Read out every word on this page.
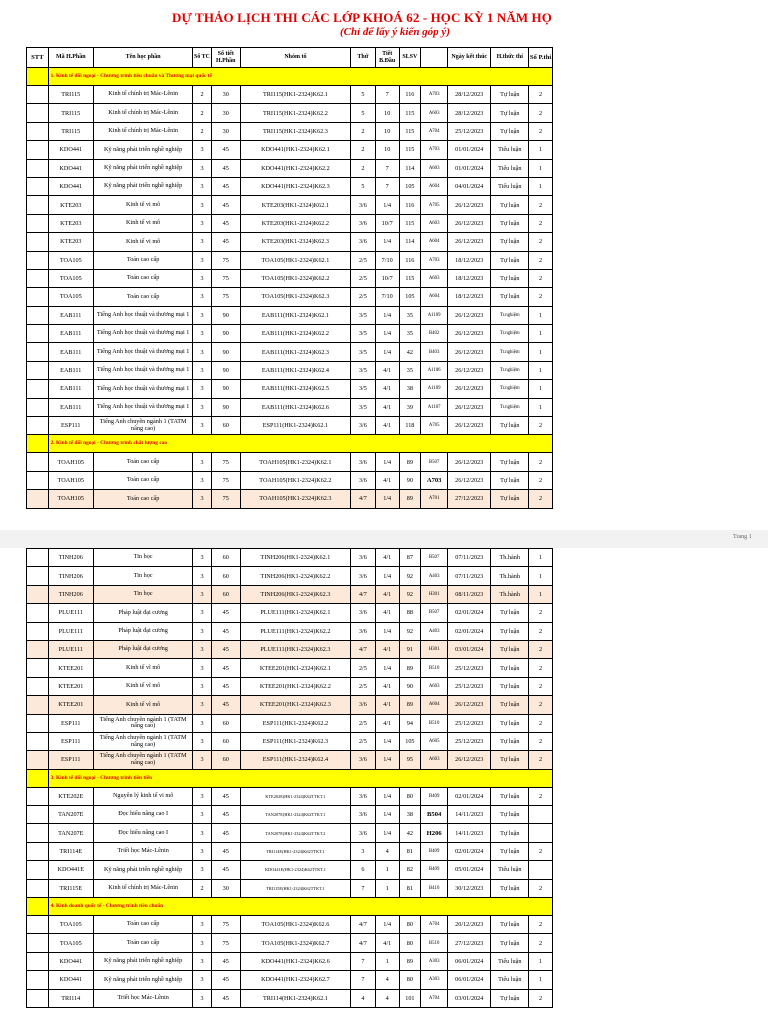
DỰ THẢO LỊCH THI CÁC LỚP KHOÁ 62 - HỌC KỲ 1 NĂM HỌ
(Chỉ để lấy ý kiến góp ý)
STT	Mã H.Phần	Tên học phần	Số TC	Số tiết H.Phần	Nhóm tổ	Thứ	Tiết B.Đầu	SLSV		Ngày kết thúc	H.thức thi	Số P.thi
	1. Kinh tế đối ngoại - Chương trình tiêu chuẩn và Thương mại quốc tế											
	TRI115	Kinh tế chính trị Mác-Lênin	2	30	TRI115(HK1-2324)K62.1	5	7	116	A703	28/12/2023	Tự luận	2
	TRI115	Kinh tế chính trị Mác-Lênin	2	30	TRI115(HK1-2324)K62.2	5	10	115	A603	28/12/2023	Tự luận	2
	TRI115	Kinh tế chính trị Mác-Lênin	2	30	TRI115(HK1-2324)K62.3	2	10	115	A704	25/12/2023	Tự luận	2
	KDO441	Kỹ năng phát triển nghề nghiệp	3	45	KDO441(HK1-2324)K62.1	2	10	115	A703	01/01/2024	Tiểu luận	1
	KDO441	Kỹ năng phát triển nghề nghiệp	3	45	KDO441(HK1-2324)K62.2	2	7	114	A603	01/01/2024	Tiểu luận	1
	KDO441	Kỹ năng phát triển nghề nghiệp	3	45	KDO441(HK1-2324)K62.3	5	7	105	A604	04/01/2024	Tiểu luận	1
	KTE203	Kinh tế vi mô	3	45	KTE203(HK1-2324)K62.1	3/6	1/4	116	A705	26/12/2023	Tự luận	2
	KTE203	Kinh tế vi mô	3	45	KTE203(HK1-2324)K62.2	3/6	10/7	115	A603	26/12/2023	Tự luận	2
	KTE203	Kinh tế vi mô	3	45	KTE203(HK1-2324)K62.3	3/6	1/4	114	A604	26/12/2023	Tự luận	2
	TOA105	Toán cao cấp	3	75	TOA105(HK1-2324)K62.1	2/5	7/10	116	A703	18/12/2023	Tự luận	2
	TOA105	Toán cao cấp	3	75	TOA105(HK1-2324)K62.2	2/5	10/7	115	A603	18/12/2023	Tự luận	2
	TOA105	Toán cao cấp	3	75	TOA105(HK1-2324)K62.3	2/5	7/10	105	A604	18/12/2023	Tự luận	2
	EAB111	Tiếng Anh học thuật và thương mại 1	3	90	EAB111(HK1-2324)K62.1	3/5	1/4	35	A1109	26/12/2023	Tr.nghiệm	1
	EAB111	Tiếng Anh học thuật và thương mại 1	3	90	EAB111(HK1-2324)K62.2	3/5	1/4	35	B402	26/12/2023	Tr.nghiệm	1
	EAB111	Tiếng Anh học thuật và thương mại 1	3	90	EAB111(HK1-2324)K62.3	3/5	1/4	42	B403	26/12/2023	Tr.nghiệm	1
	EAB111	Tiếng Anh học thuật và thương mại 1	3	90	EAB111(HK1-2324)K62.4	3/5	4/1	35	A1106	26/12/2023	Tr.nghiệm	1
	EAB111	Tiếng Anh học thuật và thương mại 1	3	90	EAB111(HK1-2324)K62.5	3/5	4/1	38	A1109	26/12/2023	Tr.nghiệm	1
	EAB111	Tiếng Anh học thuật và thương mại 1	3	90	EAB111(HK1-2324)K62.6	3/5	4/1	39	A1107	26/12/2023	Tr.nghiệm	1
	ESP111	Tiếng Anh chuyên ngành 1 (TATM nâng cao)	3	60	ESP111(HK1-2324)K62.1	3/6	4/1	118	A705	26/12/2023	Tự luận	2
	2. Kinh tế đối ngoại - Chương trình chất lượng cao											
	TOAH105	Toán cao cấp	3	75	TOAH105(HK1-2324)K62.1	3/6	1/4	89	B507	26/12/2023	Tự luận	2
	TOAH105	Toán cao cấp	3	75	TOAH105(HK1-2324)K62.2	3/6	4/1	90	A703	26/12/2023	Tự luận	2
	TOAH105	Toán cao cấp	3	75	TOAH105(HK1-2324)K62.3	4/7	1/4	89	A701	27/12/2023	Tự luận	2
Trang 1
	TINH206	Tin học	3	60	TINH206(HK1-2324)K62.1	3/6	4/1	87	B507	07/11/2023	Th.hành	1
	TINH206	Tin học	3	60	TINH206(HK1-2324)K62.2	3/6	1/4	92	A403	07/11/2023	Th.hành	1
	TINH206	Tin học	3	60	TINH206(HK1-2324)K62.3	4/7	4/1	92	H301	08/11/2023	Th.hành	1
	PLUE111	Pháp luật đại cương	3	45	PLUE111(HK1-2324)K62.1	3/6	4/1	88	B507	02/01/2024	Tự luận	2
	PLUE111	Pháp luật đại cương	3	45	PLUE111(HK1-2324)K62.2	3/6	1/4	92	A403	02/01/2024	Tự luận	2
	PLUE111	Pháp luật đại cương	3	45	PLUE111(HK1-2324)K62.3	4/7	4/1	91	H301	03/01/2024	Tự luận	2
	KTEE201	Kinh tế vĩ mô	3	45	KTEE201(HK1-2324)K62.1	2/5	1/4	89	B510	25/12/2023	Tự luận	2
	KTEE201	Kinh tế vĩ mô	3	45	KTEE201(HK1-2324)K62.2	2/5	4/1	90	A603	25/12/2023	Tự luận	2
	KTEE201	Kinh tế vĩ mô	3	45	KTEE201(HK1-2324)K62.3	3/6	4/1	89	A604	26/12/2023	Tự luận	2
	ESP111	Tiếng Anh chuyên ngành 1 (TATM nâng cao)	3	60	ESP111(HK1-2324)K62.2	2/5	4/1	94	B510	25/12/2023	Tự luận	2
	ESP111	Tiếng Anh chuyên ngành 1 (TATM nâng cao)	3	60	ESP111(HK1-2324)K62.3	2/5	1/4	105	A605	25/12/2023	Tự luận	2
	ESP111	Tiếng Anh chuyên ngành 1 (TATM nâng cao)	3	60	ESP111(HK1-2324)K62.4	3/6	1/4	95	A603	26/12/2023	Tự luận	2
	3. Kinh tế đối ngoại - Chương trình tiên tiến											
	KTE202E	Nguyên lý kinh tế vi mô	3	45	KTE202E(HK1-2324)K62TTKT.1	3/6	1/4	80	B409	02/01/2024	Tự luận	2
	TAN207E	Đọc hiểu nâng cao I	3	45	TAN207E(HK1-2324)K62TTKT.1	3/6	1/4	38	B504	14/11/2023	Tự luận	
	TAN207E	Đọc hiểu nâng cao I	3	45	TAN207E(HK1-2324)K62TTKT.2	3/6	1/4	42	H206	14/11/2023	Tự luận	
	TRI114E	Triết học Mác-Lênin	3	45	TRI114E(HK1-2324)K62TTKT.1	3	4	81	B409	02/01/2024	Tự luận	2
	KDO441E	Kỹ năng phát triển nghề nghiệp	3	45	KDO441E(HK1-2324)K62TTKT.1	6	1	82	B409	05/01/2024	Tiểu luận	
	TRI115E	Kinh tế chính trị Mác-Lênin	2	30	TRI115E(HK1-2324)K62TTKT.1	7	1	81	B410	30/12/2023	Tự luận	2
	4. Kinh doanh quốc tế - Chương trình tiêu chuẩn											
	TOA105	Toán cao cấp	3	75	TOA105(HK1-2324)K62.6	4/7	1/4	80	A704	20/12/2023	Tự luận	2
	TOA105	Toán cao cấp	3	75	TOA105(HK1-2324)K62.7	4/7	4/1	80	B510	27/12/2023	Tự luận	2
	KDO441	Kỹ năng phát triển nghề nghiệp	3	45	KDO441(HK1-2324)K62.6	7	1	89	A303	06/01/2024	Tiểu luận	1
	KDO441	Kỹ năng phát triển nghề nghiệp	3	45	KDO441(HK1-2324)K62.7	7	4	80	A303	06/01/2024	Tiểu luận	1
	TRI114	Triết học Mác-Lênin	3	45	TRI114(HK1-2324)K62.1	4	4	101	A704	03/01/2024	Tự luận	2
